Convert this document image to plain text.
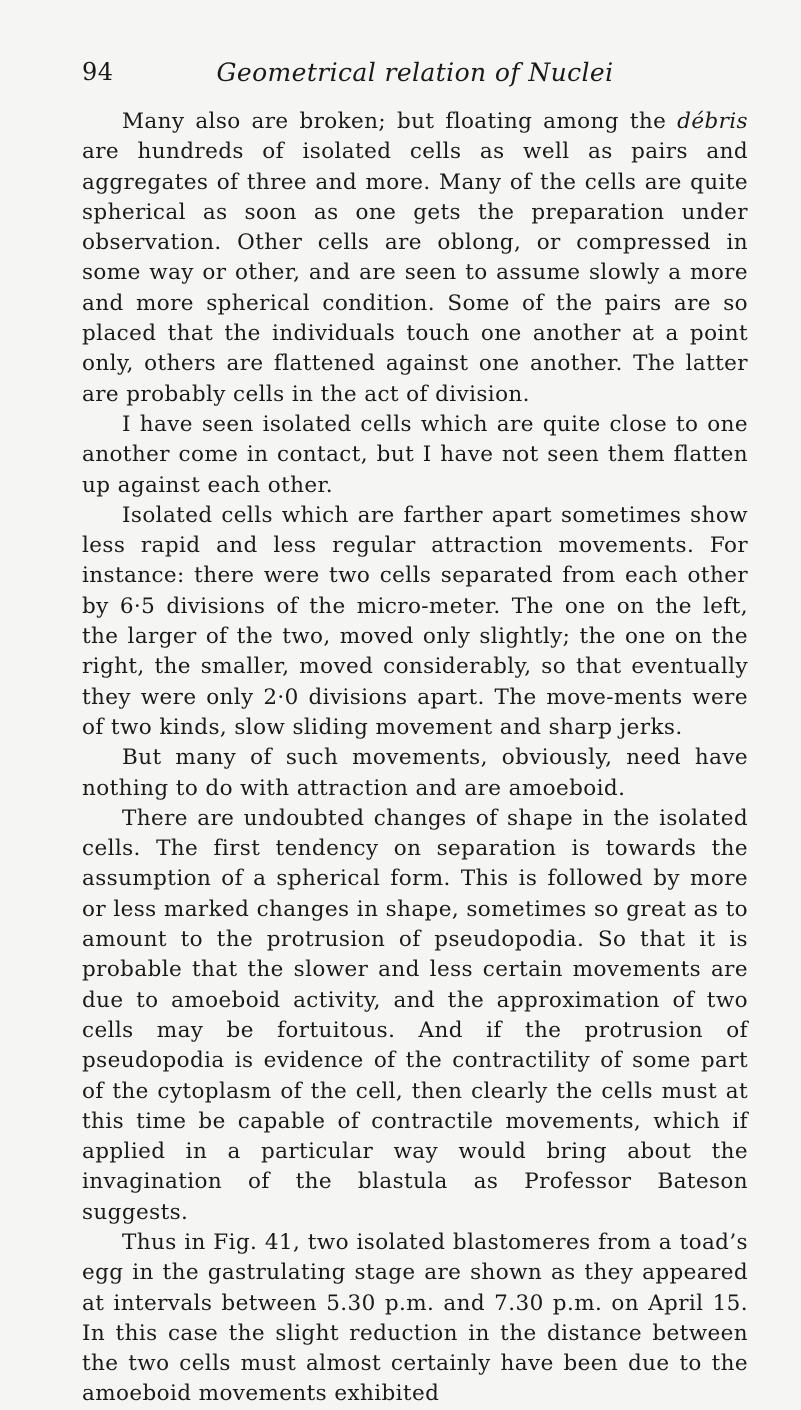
94	Geometrical relation of Nuclei

Many also are broken; but floating among the débris are hundreds of isolated cells as well as pairs and aggregates of three and more. Many of the cells are quite spherical as soon as one gets the preparation under observation. Other cells are oblong, or compressed in some way or other, and are seen to assume slowly a more and more spherical condition. Some of the pairs are so placed that the individuals touch one another at a point only, others are flattened against one another. The latter are probably cells in the act of division.

I have seen isolated cells which are quite close to one another come in contact, but I have not seen them flatten up against each other.

Isolated cells which are farther apart sometimes show less rapid and less regular attraction movements. For instance: there were two cells separated from each other by 6·5 divisions of the micro-meter. The one on the left, the larger of the two, moved only slightly; the one on the right, the smaller, moved considerably, so that eventually they were only 2·0 divisions apart. The move-ments were of two kinds, slow sliding movement and sharp jerks.

But many of such movements, obviously, need have nothing to do with attraction and are amoeboid.

There are undoubted changes of shape in the isolated cells. The first tendency on separation is towards the assumption of a spherical form. This is followed by more or less marked changes in shape, sometimes so great as to amount to the protrusion of pseudopodia. So that it is probable that the slower and less certain movements are due to amoeboid activity, and the approximation of two cells may be fortuitous. And if the protrusion of pseudopodia is evidence of the contractility of some part of the cytoplasm of the cell, then clearly the cells must at this time be capable of contractile movements, which if applied in a particular way would bring about the invagination of the blastula as Professor Bateson suggests.

Thus in Fig. 41, two isolated blastomeres from a toad’s egg in the gastrulating stage are shown as they appeared at intervals between 5.30 p.m. and 7.30 p.m. on April 15. In this case the slight reduction in the distance between the two cells must almost certainly have been due to the amoeboid movements exhibited
